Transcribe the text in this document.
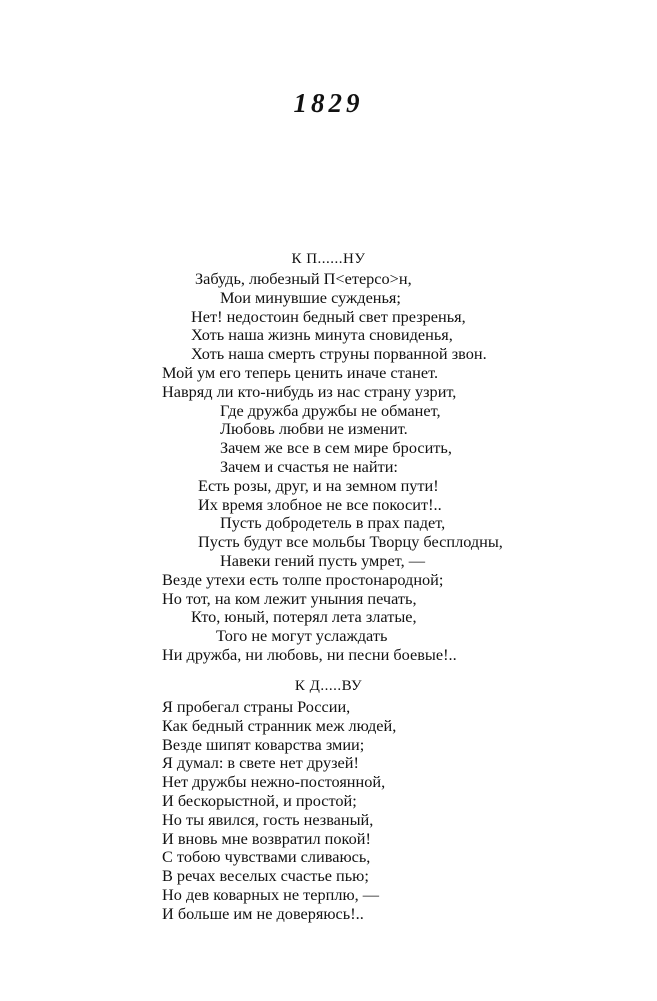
1829
К П......НУ
Забудь, любезный П<етерсо>н,
Мои минувшие сужденья;
Нет! недостоин бедный свет презренья,
Хоть наша жизнь минута сновиденья,
Хоть наша смерть струны порванной звон.
Мой ум его теперь ценить иначе станет.
Навряд ли кто-нибудь из нас страну узрит,
Где дружба дружбы не обманет,
Любовь любви не изменит.
Зачем же все в сем мире бросить,
Зачем и счастья не найти:
Есть розы, друг, и на земном пути!
Их время злобное не все покосит!..
Пусть добродетель в прах падет,
Пусть будут все мольбы Творцу бесплодны,
Навеки гений пусть умрет, —
Везде утехи есть толпе простонародной;
Но тот, на ком лежит уныния печать,
Кто, юный, потерял лета златые,
Того не могут услаждать
Ни дружба, ни любовь, ни песни боевые!..
К Д.....ВУ
Я пробегал страны России,
Как бедный странник меж людей,
Везде шипят коварства змии;
Я думал: в свете нет друзей!
Нет дружбы нежно-постоянной,
И бескорыстной, и простой;
Но ты явился, гость незваный,
И вновь мне возвратил покой!
С тобою чувствами сливаюсь,
В речах веселых счастье пью;
Но дев коварных не терплю, —
И больше им не доверяюсь!..
